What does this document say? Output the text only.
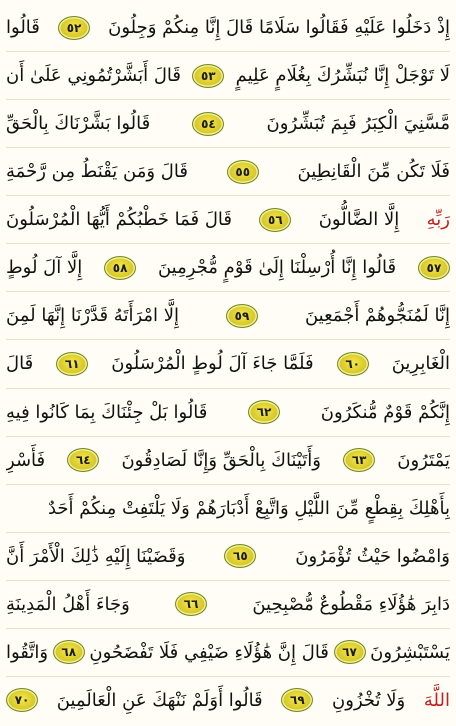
إِذْ دَخَلُوا عَلَيْهِ فَقَالُوا سَلَامًا قَالَ إِنَّا مِنكُمْ وَجِلُونَ
٥٢
قَالُوا
لَا تَوْجَلْ إِنَّا نُبَشِّرُكَ بِغُلَامٍ عَلِيمٍ
٥٣
قَالَ أَبَشَّرْتُمُونِي عَلَىٰ أَن
مَّسَّنِيَ الْكِبَرُ فَبِمَ تُبَشِّرُونَ
٥٤
قَالُوا بَشَّرْنَاكَ بِالْحَقِّ
فَلَا تَكُن مِّنَ الْقَانِطِينَ
٥٥
قَالَ وَمَن يَقْنَطُ مِن رَّحْمَةِ
رَبِّهِ
إِلَّا الضَّالُّونَ
٥٦
قَالَ فَمَا خَطْبُكُمْ أَيُّهَا الْمُرْسَلُونَ
٥٧
قَالُوا إِنَّا أُرْسِلْنَا إِلَىٰ قَوْمٍ مُّجْرِمِينَ
٥٨
إِلَّا آلَ لُوطٍ
إِنَّا لَمُنَجُّوهُمْ أَجْمَعِينَ
٥٩
إِلَّا امْرَأَتَهُ قَدَّرْنَا إِنَّهَا لَمِنَ
الْغَابِرِينَ
٦٠
فَلَمَّا جَاءَ آلَ لُوطٍ الْمُرْسَلُونَ
٦١
قَالَ
إِنَّكُمْ قَوْمٌ مُّنكَرُونَ
٦٢
قَالُوا بَلْ جِئْنَاكَ بِمَا كَانُوا فِيهِ
يَمْتَرُونَ
٦٣
وَأَتَيْنَاكَ بِالْحَقِّ وَإِنَّا لَصَادِقُونَ
٦٤
فَأَسْرِ
بِأَهْلِكَ بِقِطْعٍ مِّنَ اللَّيْلِ وَاتَّبِعْ أَدْبَارَهُمْ وَلَا يَلْتَفِتْ مِنكُمْ أَحَدٌ
وَامْضُوا حَيْثُ تُؤْمَرُونَ
٦٥
وَقَضَيْنَا إِلَيْهِ ذَٰلِكَ الْأَمْرَ أَنَّ
دَابِرَ هَٰؤُلَاءِ مَقْطُوعٌ مُّصْبِحِينَ
٦٦
وَجَاءَ أَهْلُ الْمَدِينَةِ
يَسْتَبْشِرُونَ
٦٧
قَالَ إِنَّ هَٰؤُلَاءِ ضَيْفِي فَلَا تَفْضَحُونِ
٦٨
وَاتَّقُوا
اللَّهَ
وَلَا تُخْزُونِ
٦٩
قَالُوا أَوَلَمْ نَنْهَكَ عَنِ الْعَالَمِينَ
٧٠
